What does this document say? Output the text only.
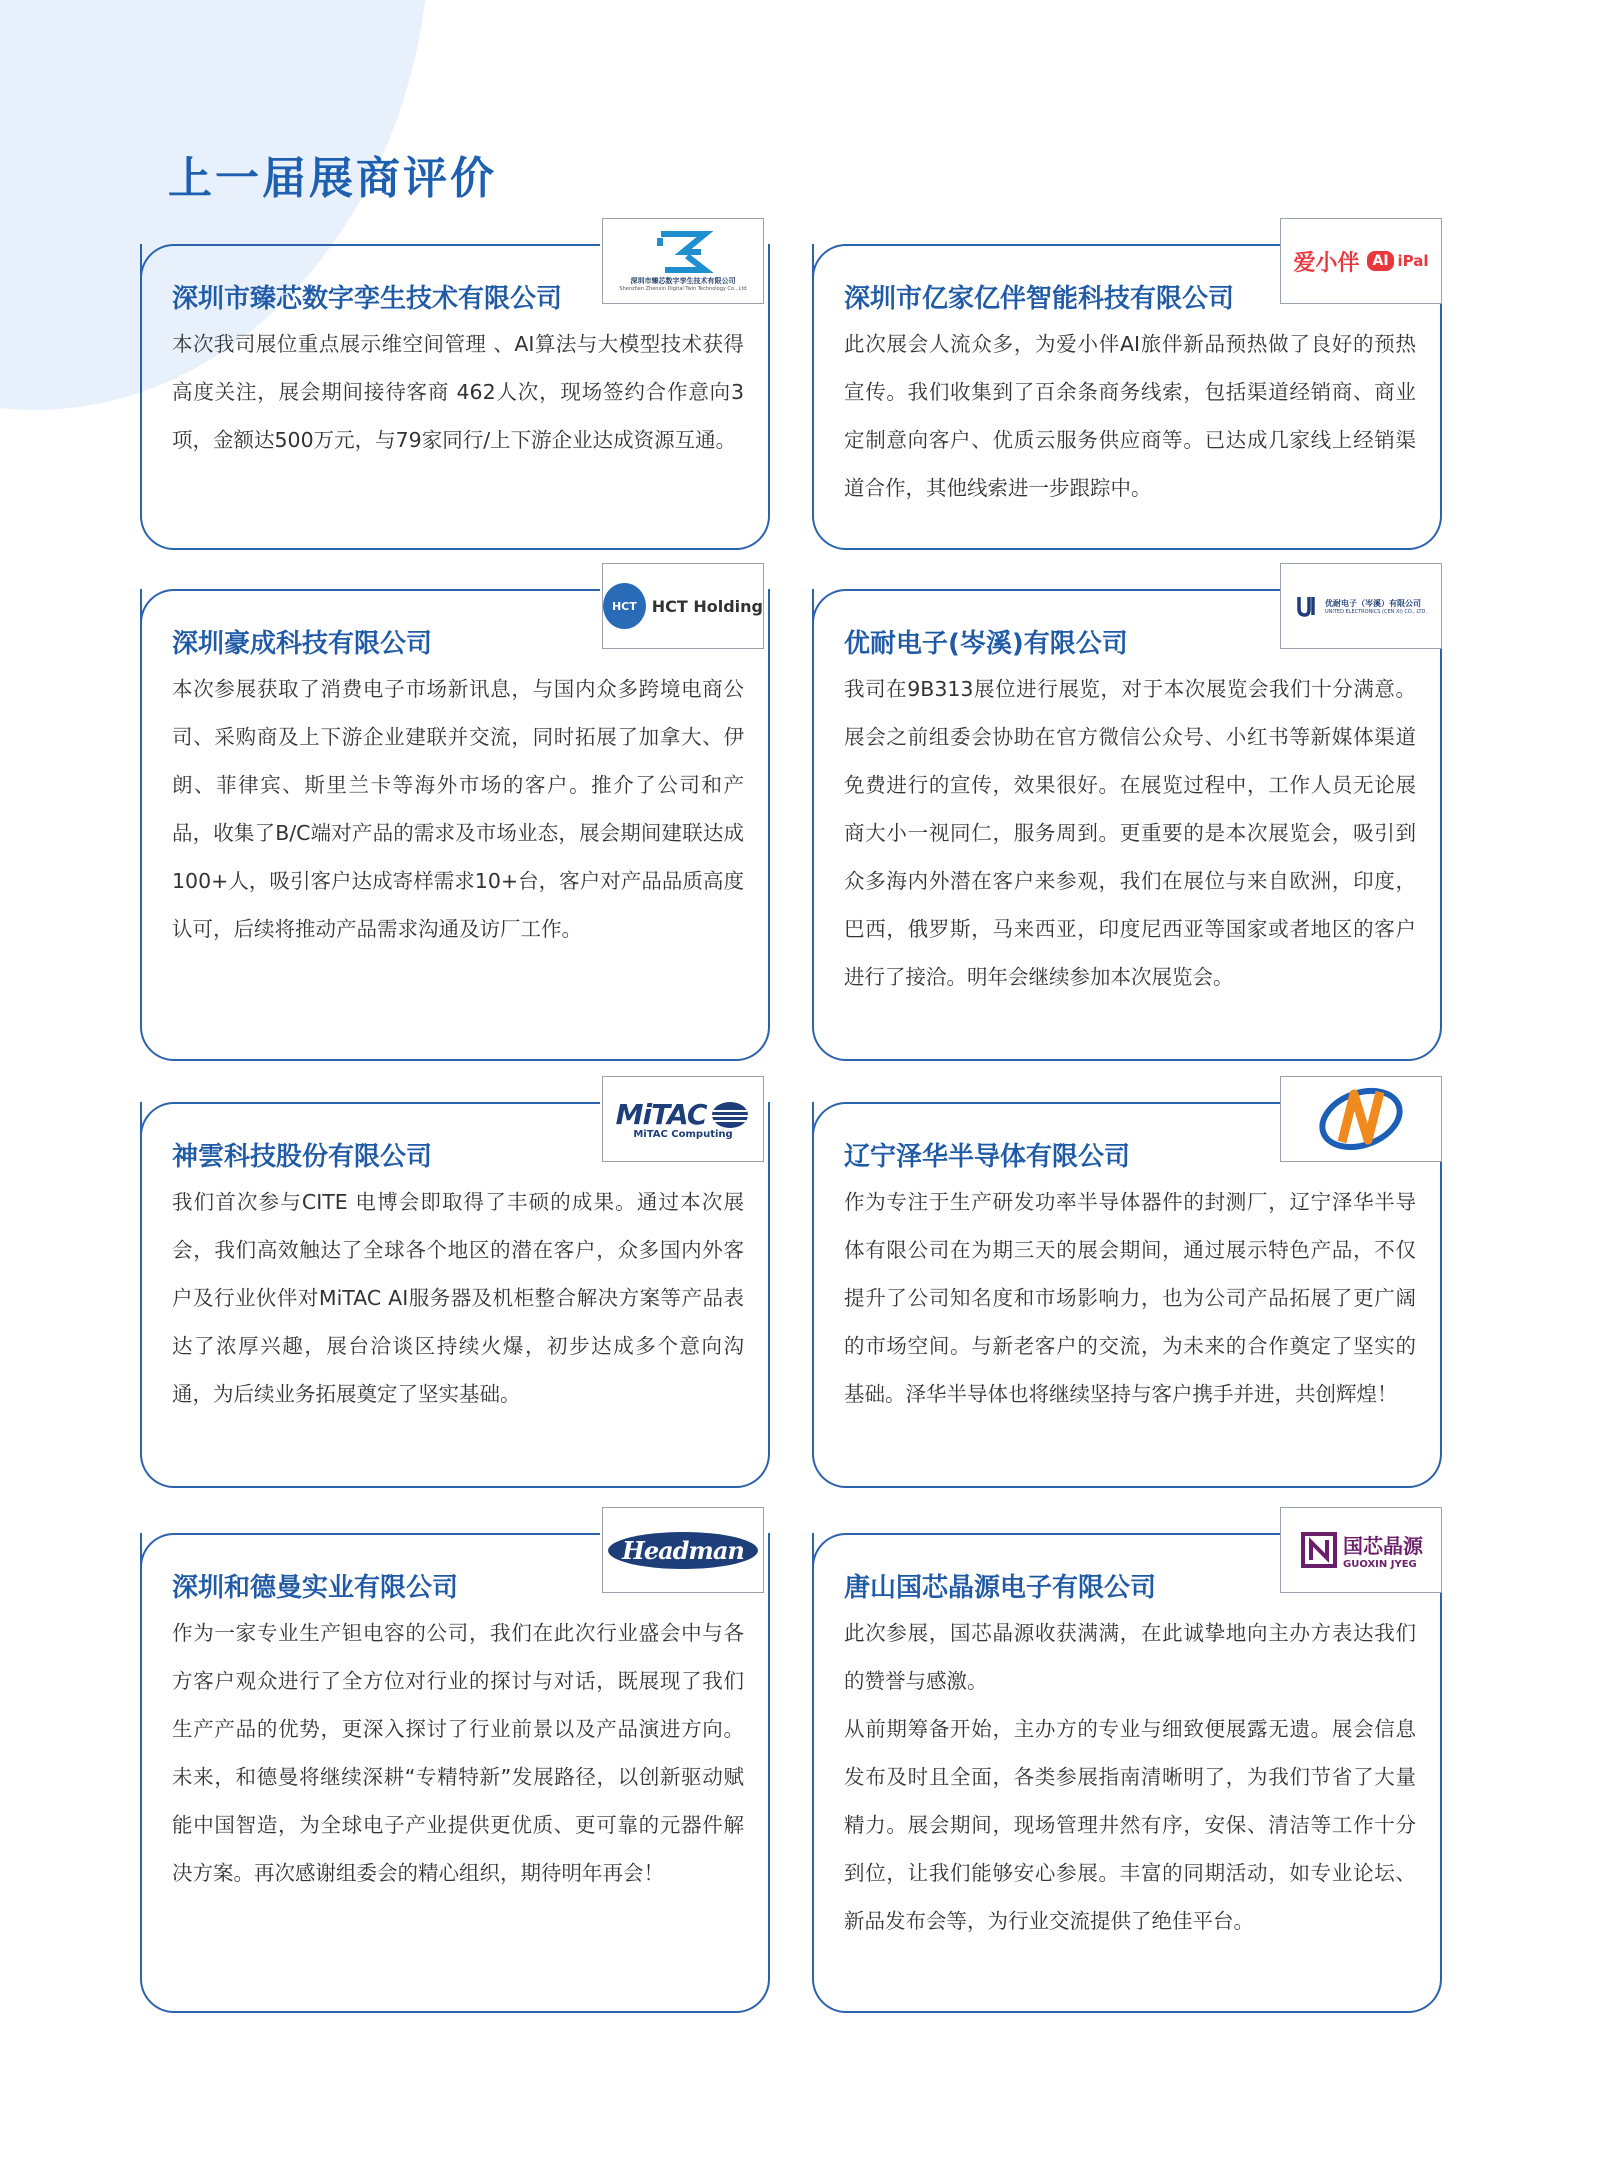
上一届展商评价
深圳市臻芯数字孪生技术有限公司
Shenzhen Zhenxin Digital Twin Technology Co., Ltd
深圳市臻芯数字孪生技术有限公司

本次我司展位重点展示维空间管理 、AI算法与大模型技术获得高度关注，展会期间接待客商 462人次，现场签约合作意向3项，金额达500万元，与79家同行/上下游企业达成资源互通。

爱小伴 AI iPal
深圳市亿家亿伴智能科技有限公司

此次展会人流众多，为爱小伴AI旅伴新品预热做了良好的预热宣传。我们收集到了百余条商务线索，包括渠道经销商、商业定制意向客户、优质云服务供应商等。已达成几家线上经销渠道合作，其他线索进一步跟踪中。

HCT HCT Holding
深圳豪成科技有限公司

本次参展获取了消费电子市场新讯息，与国内众多跨境电商公司、采购商及上下游企业建联并交流，同时拓展了加拿大、伊朗、菲律宾、斯里兰卡等海外市场的客户。推介了公司和产品，收集了B/C端对产品的需求及市场业态，展会期间建联达成100+人，吸引客户达成寄样需求10+台，客户对产品品质高度认可，后续将推动产品需求沟通及访厂工作。

优耐电子（岑溪）有限公司
UNITED ELECTRONICS (CEN XI) CO., LTD.
优耐电子(岑溪)有限公司

我司在9B313展位进行展览，对于本次展览会我们十分满意。展会之前组委会协助在官方微信公众号、小红书等新媒体渠道免费进行的宣传，效果很好。在展览过程中，工作人员无论展商大小一视同仁，服务周到。更重要的是本次展览会，吸引到众多海内外潜在客户来参观，我们在展位与来自欧洲，印度，巴西，俄罗斯，马来西亚，印度尼西亚等国家或者地区的客户进行了接洽。明年会继续参加本次展览会。

MiTAC
MiTAC Computing
神雲科技股份有限公司

我们首次参与CITE 电博会即取得了丰硕的成果。通过本次展会，我们高效触达了全球各个地区的潜在客户，众多国内外客户及行业伙伴对MiTAC AI服务器及机柜整合解决方案等产品表达了浓厚兴趣，展台洽谈区持续火爆，初步达成多个意向沟通，为后续业务拓展奠定了坚实基础。

辽宁泽华半导体有限公司

作为专注于生产研发功率半导体器件的封测厂，辽宁泽华半导体有限公司在为期三天的展会期间，通过展示特色产品，不仅提升了公司知名度和市场影响力，也为公司产品拓展了更广阔的市场空间。与新老客户的交流，为未来的合作奠定了坚实的基础。泽华半导体也将继续坚持与客户携手并进，共创辉煌！

Headman
深圳和德曼实业有限公司

作为一家专业生产钽电容的公司，我们在此次行业盛会中与各方客户观众进行了全方位对行业的探讨与对话，既展现了我们生产产品的优势，更深入探讨了行业前景以及产品演进方向。未来，和德曼将继续深耕“专精特新”发展路径，以创新驱动赋能中国智造，为全球电子产业提供更优质、更可靠的元器件解决方案。再次感谢组委会的精心组织，期待明年再会！

国芯晶源
GUOXIN JYEG
唐山国芯晶源电子有限公司

此次参展，国芯晶源收获满满，在此诚挚地向主办方表达我们的赞誉与感激。

从前期筹备开始，主办方的专业与细致便展露无遗。展会信息发布及时且全面，各类参展指南清晰明了，为我们节省了大量精力。展会期间，现场管理井然有序，安保、清洁等工作十分到位，让我们能够安心参展。丰富的同期活动，如专业论坛、新品发布会等，为行业交流提供了绝佳平台。
